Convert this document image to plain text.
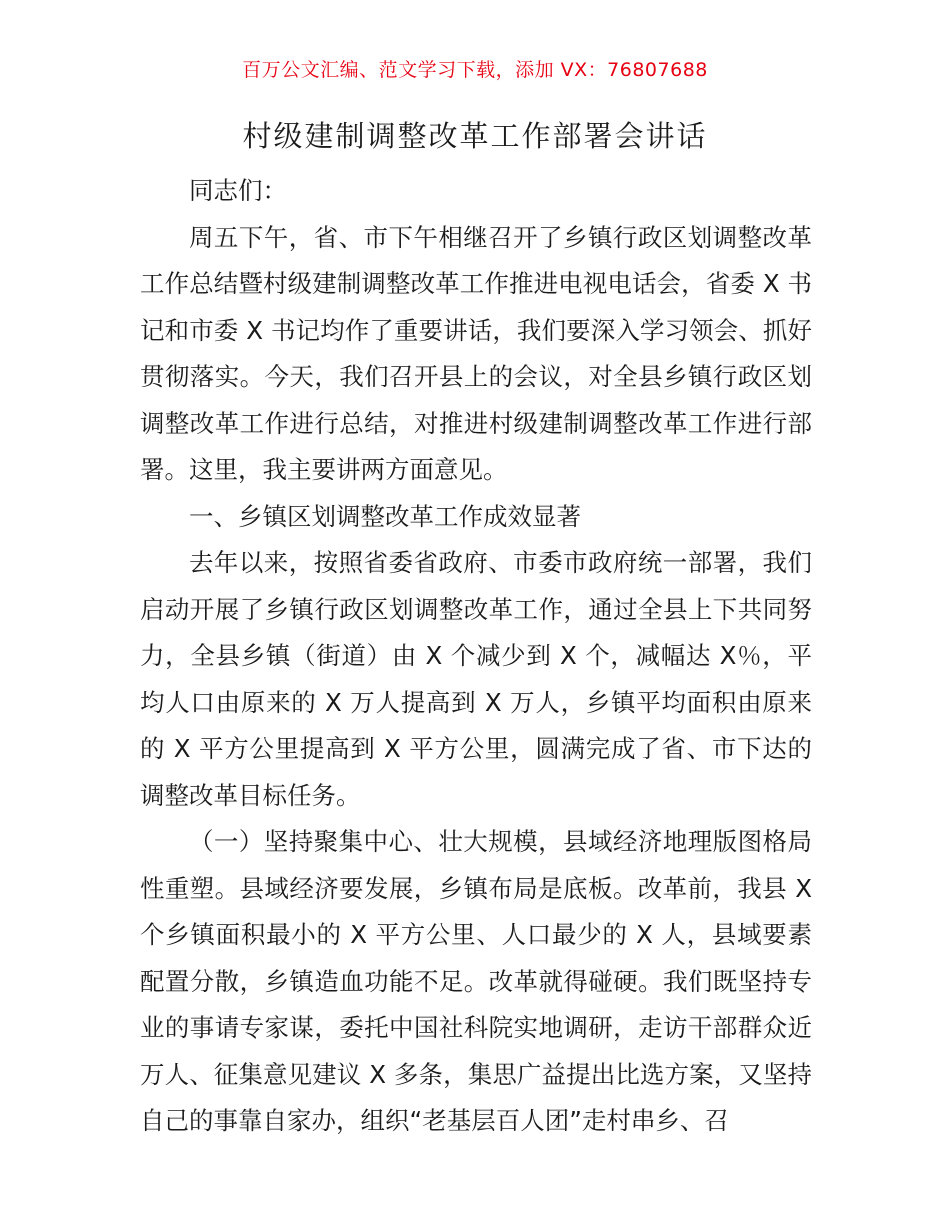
百万公文汇编、范文学习下载，添加 VX：76807688
村级建制调整改革工作部署会讲话

同志们：

周五下午，省、市下午相继召开了乡镇行政区划调整改革工作总结暨村级建制调整改革工作推进电视电话会，省委 X 书记和市委 X 书记均作了重要讲话，我们要深入学习领会、抓好贯彻落实。今天，我们召开县上的会议，对全县乡镇行政区划调整改革工作进行总结，对推进村级建制调整改革工作进行部署。这里，我主要讲两方面意见。

一、乡镇区划调整改革工作成效显著

去年以来，按照省委省政府、市委市政府统一部署，我们启动开展了乡镇行政区划调整改革工作，通过全县上下共同努力，全县乡镇（街道）由 X 个减少到 X 个，减幅达 X％，平均人口由原来的 X 万人提高到 X 万人，乡镇平均面积由原来的 X 平方公里提高到 X 平方公里，圆满完成了省、市下达的调整改革目标任务。

（一）坚持聚集中心、壮大规模，县域经济地理版图格局性重塑。县域经济要发展，乡镇布局是底板。改革前，我县 X 个乡镇面积最小的 X 平方公里、人口最少的 X 人，县域要素配置分散，乡镇造血功能不足。改革就得碰硬。我们既坚持专业的事请专家谋，委托中国社科院实地调研，走访干部群众近万人、征集意见建议 X 多条，集思广益提出比选方案，又坚持自己的事靠自家办，组织“老基层百人团”走村串乡、召
